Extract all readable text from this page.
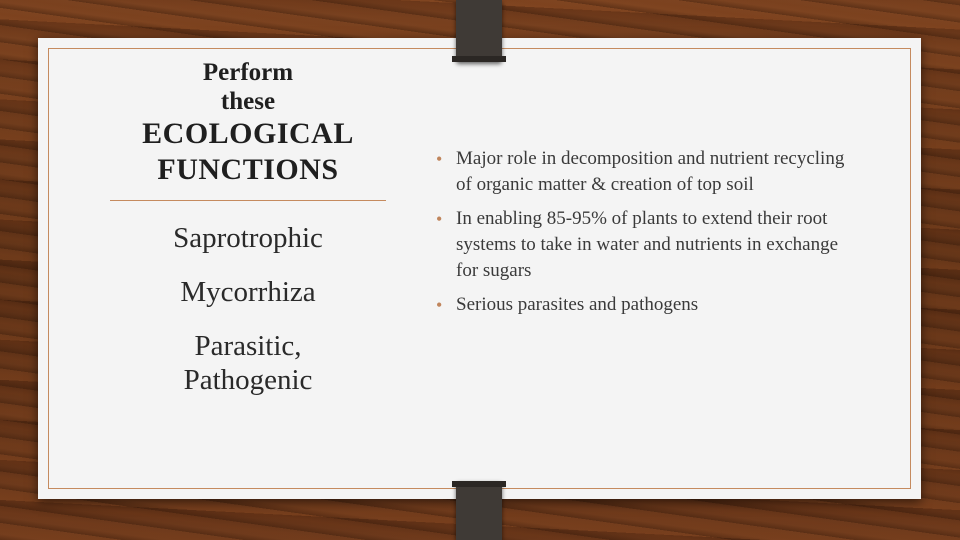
Perform
these
ECOLOGICAL
FUNCTIONS
Saprotrophic
Mycorrhiza
Parasitic,
Pathogenic
• Major role in decomposition and nutrient recycling of organic matter & creation of top soil
• In enabling 85-95% of plants to extend their root systems to take in water and nutrients in exchange for sugars
• Serious parasites and pathogens
